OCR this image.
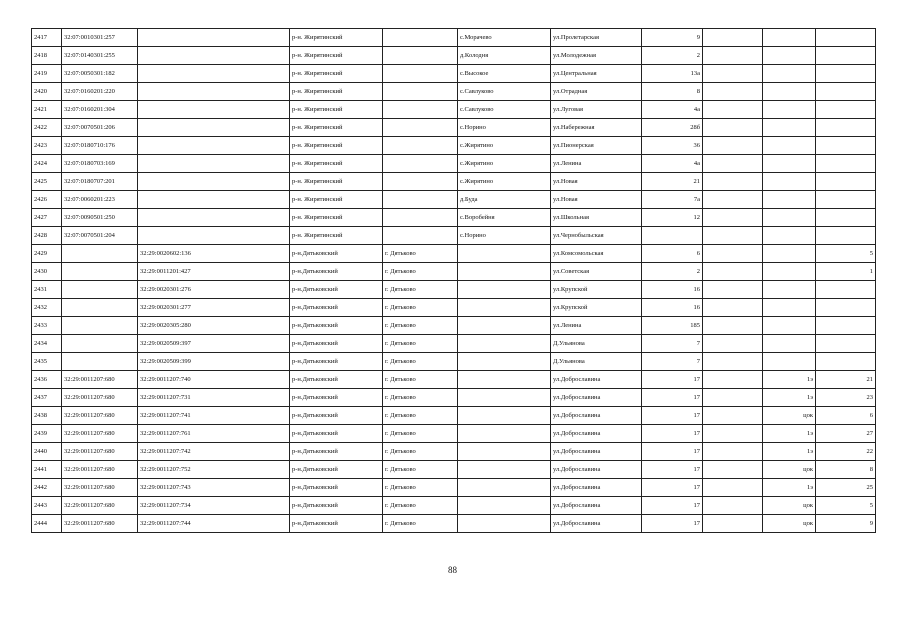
2417	32:07:0010301:257		р-н. Жирятинский		с.Морачево	ул.Пролетарская	9			
2418	32:07:0140301:255		р-н. Жирятинский		д.Колодня	ул.Молодежная	2			
2419	32:07:0050301:182		р-н. Жирятинский		с.Высокое	ул.Центральная	13а			
2420	32:07:0160201:220		р-н. Жирятинский		с.Савлуково	ул.Отрадная	8			
2421	32:07:0160201:304		р-н. Жирятинский		с.Савлуково	ул.Луговая	4а			
2422	32:07:0070501:206		р-н. Жирятинский		с.Норино	ул.Набережная	28б			
2423	32:07:0180710:176		р-н. Жирятинский		с.Жирятино	ул.Пионерская	36			
2424	32:07:0180703:169		р-н. Жирятинский		с.Жирятино	ул.Ленина	4а			
2425	32:07:0180707:201		р-н. Жирятинский		с.Жирятино	ул.Новая	21			
2426	32:07:0060201:223		р-н. Жирятинский		д.Буда	ул.Новая	7а			
2427	32:07:0090501:250		р-н. Жирятинский		с.Воробейня	ул.Школьная	12			
2428	32:07:0070501:204		р-н. Жирятинский		с.Норино	ул.Чернобыльская				
2429		32:29:0020602:136	р-н.Дятьковский	г. Дятьково		ул.Комсомольская	6			5
2430		32:29:0011201:427	р-н.Дятьковский	г. Дятьково		ул.Советская	2			1
2431		32:29:0020301:276	р-н.Дятьковский	г. Дятьково		ул.Крупской	16			
2432		32:29:0020301:277	р-н.Дятьковский	г. Дятьково		ул.Крупской	16			
2433		32:29:0020305:280	р-н.Дятьковский	г. Дятьково		ул.Ленина	185			
2434		32:29:0020509:397	р-н.Дятьковский	г. Дятьково		Д.Ульянова	7			
2435		32:29:0020509:399	р-н.Дятьковский	г. Дятьково		Д.Ульянова	7			
2436	32:29:0011207:680	32:29:0011207:740	р-н.Дятьковский	г. Дятьково		ул.Доброславина	17		1э	21
2437	32:29:0011207:680	32:29:0011207:731	р-н.Дятьковский	г. Дятьково		ул.Доброславина	17		1э	23
2438	32:29:0011207:680	32:29:0011207:741	р-н.Дятьковский	г. Дятьково		ул.Доброславина	17		цок	6
2439	32:29:0011207:680	32:29:0011207:761	р-н.Дятьковский	г. Дятьково		ул.Доброславина	17		1э	27
2440	32:29:0011207:680	32:29:0011207:742	р-н.Дятьковский	г. Дятьково		ул.Доброславина	17		1э	22
2441	32:29:0011207:680	32:29:0011207:752	р-н.Дятьковский	г. Дятьково		ул.Доброславина	17		цок	8
2442	32:29:0011207:680	32:29:0011207:743	р-н.Дятьковский	г. Дятьково		ул.Доброславина	17		1э	25
2443	32:29:0011207:680	32:29:0011207:734	р-н.Дятьковский	г. Дятьково		ул.Доброславина	17		цок	5
2444	32:29:0011207:680	32:29:0011207:744	р-н.Дятьковский	г. Дятьково		ул.Доброславина	17		цок	9
88
